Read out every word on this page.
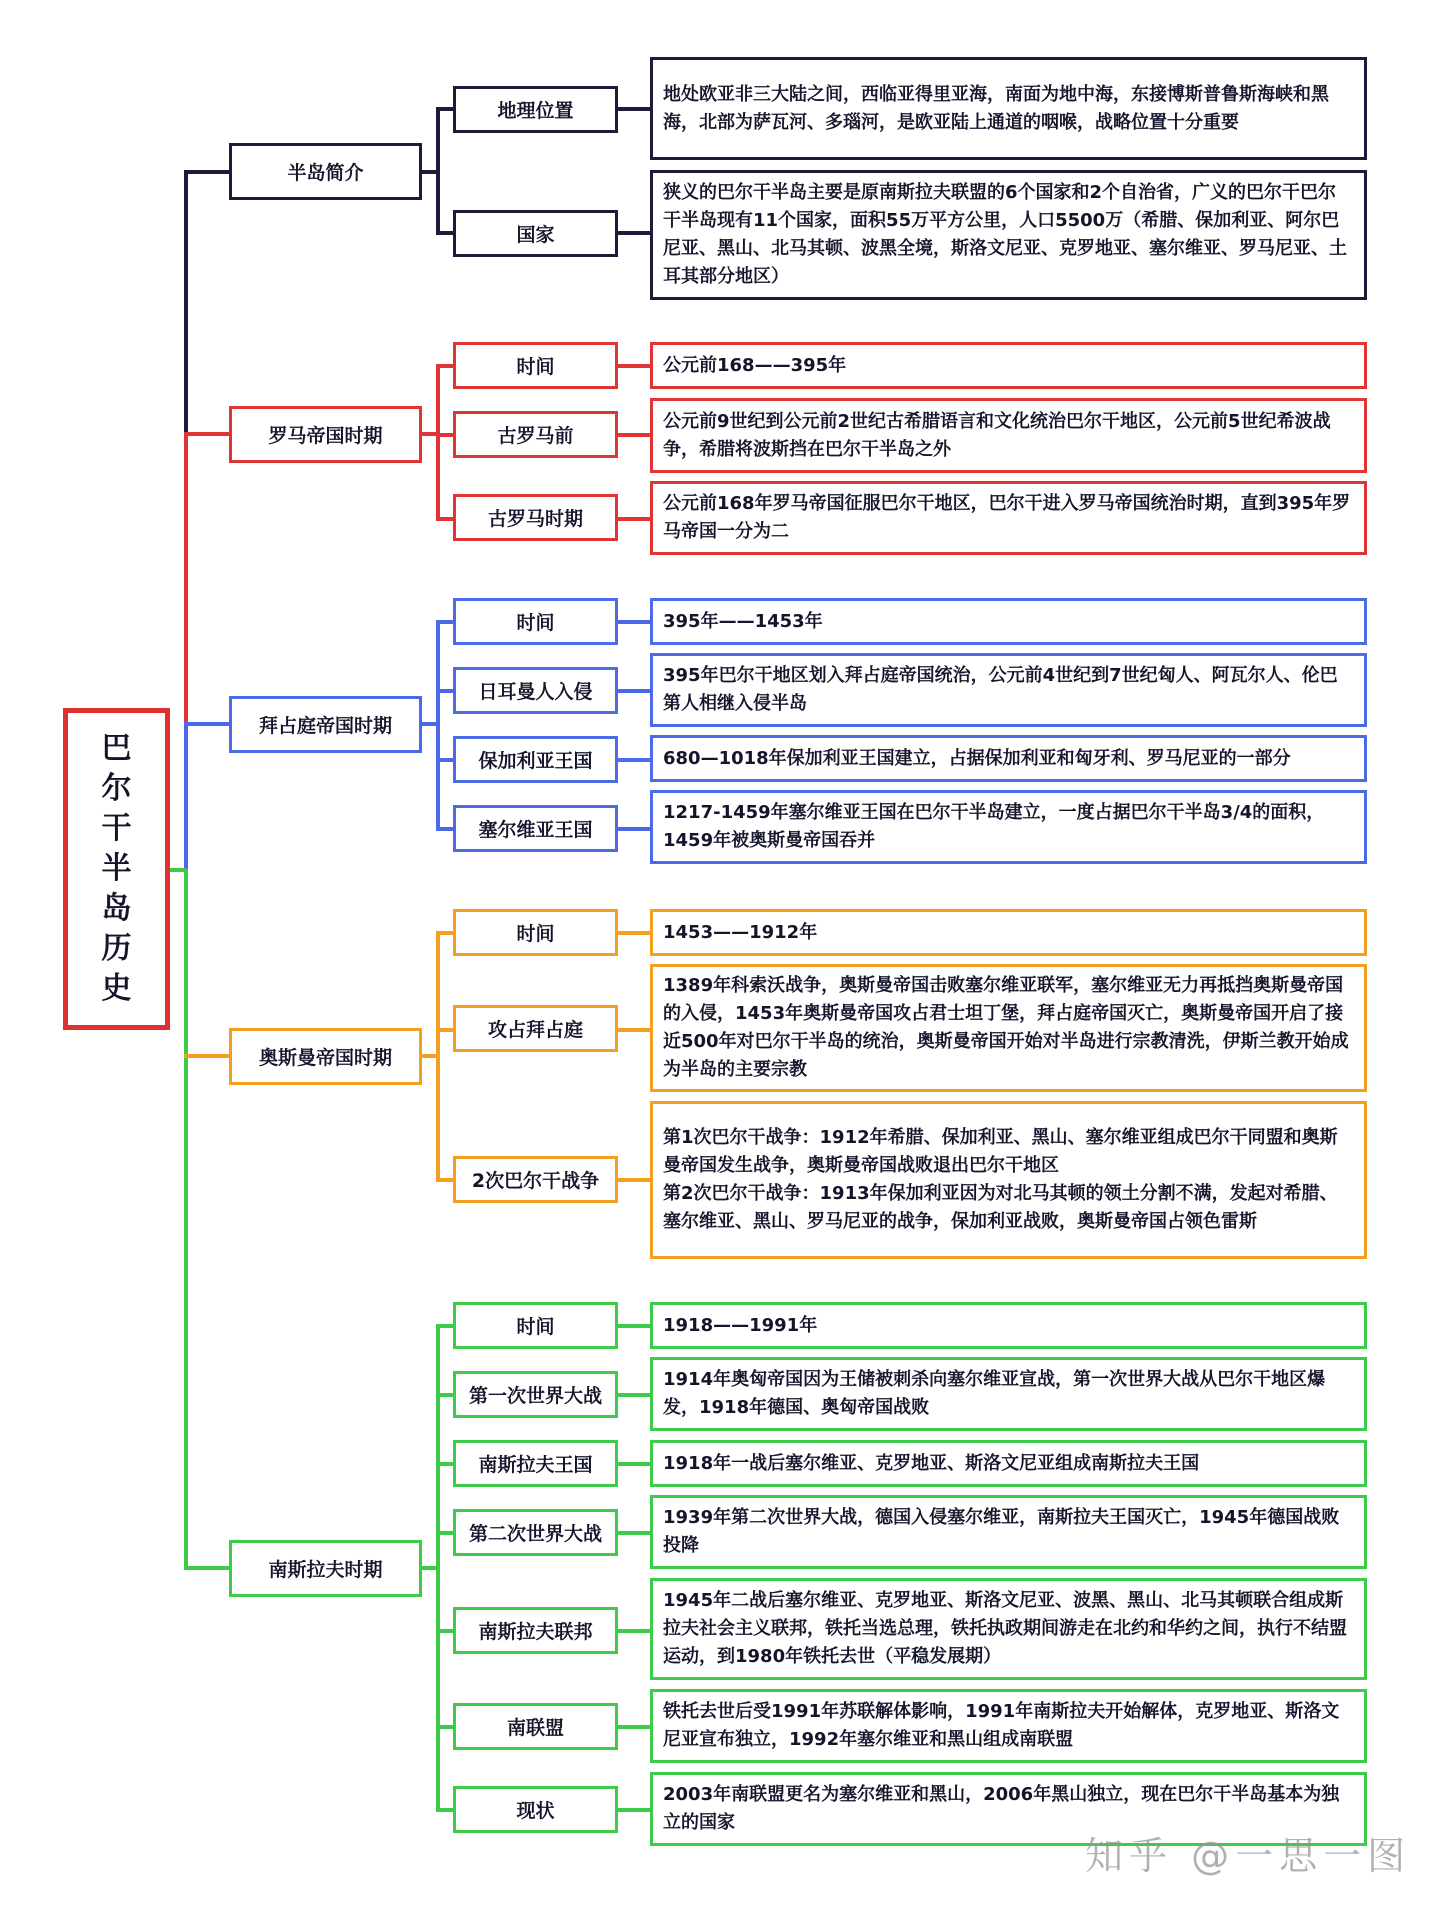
巴
尔
干
半
岛
历
史
半岛简介
地理位置
国家
地处欧亚非三大陆之间，西临亚得里亚海，南面为地中海，东接博斯普鲁斯海峡和黑海，北部为萨瓦河、多瑙河，是欧亚陆上通道的咽喉，战略位置十分重要
狭义的巴尔干半岛主要是原南斯拉夫联盟的6个国家和2个自治省，广义的巴尔干巴尔干半岛现有11个国家，面积55万平方公里，人口5500万（希腊、保加利亚、阿尔巴尼亚、黑山、北马其顿、波黑全境，斯洛文尼亚、克罗地亚、塞尔维亚、罗马尼亚、土耳其部分地区）
罗马帝国时期
时间
古罗马前
古罗马时期
公元前168——395年
公元前9世纪到公元前2世纪古希腊语言和文化统治巴尔干地区，公元前5世纪希波战争，希腊将波斯挡在巴尔干半岛之外
公元前168年罗马帝国征服巴尔干地区，巴尔干进入罗马帝国统治时期，直到395年罗马帝国一分为二
拜占庭帝国时期
时间
日耳曼人入侵
保加利亚王国
塞尔维亚王国
395年——1453年
395年巴尔干地区划入拜占庭帝国统治，公元前4世纪到7世纪匈人、阿瓦尔人、伦巴第人相继入侵半岛
680—1018年保加利亚王国建立，占据保加利亚和匈牙利、罗马尼亚的一部分
1217-1459年塞尔维亚王国在巴尔干半岛建立，一度占据巴尔干半岛3/4的面积，1459年被奥斯曼帝国吞并
奥斯曼帝国时期
时间
攻占拜占庭
2次巴尔干战争
1453——1912年
1389年科索沃战争，奥斯曼帝国击败塞尔维亚联军，塞尔维亚无力再抵挡奥斯曼帝国的入侵，1453年奥斯曼帝国攻占君士坦丁堡，拜占庭帝国灭亡，奥斯曼帝国开启了接近500年对巴尔干半岛的统治，奥斯曼帝国开始对半岛进行宗教清洗，伊斯兰教开始成为半岛的主要宗教
第1次巴尔干战争：1912年希腊、保加利亚、黑山、塞尔维亚组成巴尔干同盟和奥斯曼帝国发生战争，奥斯曼帝国战败退出巴尔干地区
第2次巴尔干战争：1913年保加利亚因为对北马其顿的领土分割不满，发起对希腊、塞尔维亚、黑山、罗马尼亚的战争，保加利亚战败，奥斯曼帝国占领色雷斯
南斯拉夫时期
时间
第一次世界大战
南斯拉夫王国
第二次世界大战
南斯拉夫联邦
南联盟
现状
1918——1991年
1914年奥匈帝国因为王储被刺杀向塞尔维亚宣战，第一次世界大战从巴尔干地区爆发，1918年德国、奥匈帝国战败
1918年一战后塞尔维亚、克罗地亚、斯洛文尼亚组成南斯拉夫王国
1939年第二次世界大战，德国入侵塞尔维亚，南斯拉夫王国灭亡，1945年德国战败投降
1945年二战后塞尔维亚、克罗地亚、斯洛文尼亚、波黑、黑山、北马其顿联合组成斯拉夫社会主义联邦，铁托当选总理，铁托执政期间游走在北约和华约之间，执行不结盟运动，到1980年铁托去世（平稳发展期）
铁托去世后受1991年苏联解体影响，1991年南斯拉夫开始解体，克罗地亚、斯洛文尼亚宣布独立，1992年塞尔维亚和黑山组成南联盟
2003年南联盟更名为塞尔维亚和黑山，2006年黑山独立，现在巴尔干半岛基本为独立的国家
知乎 @一思一图
